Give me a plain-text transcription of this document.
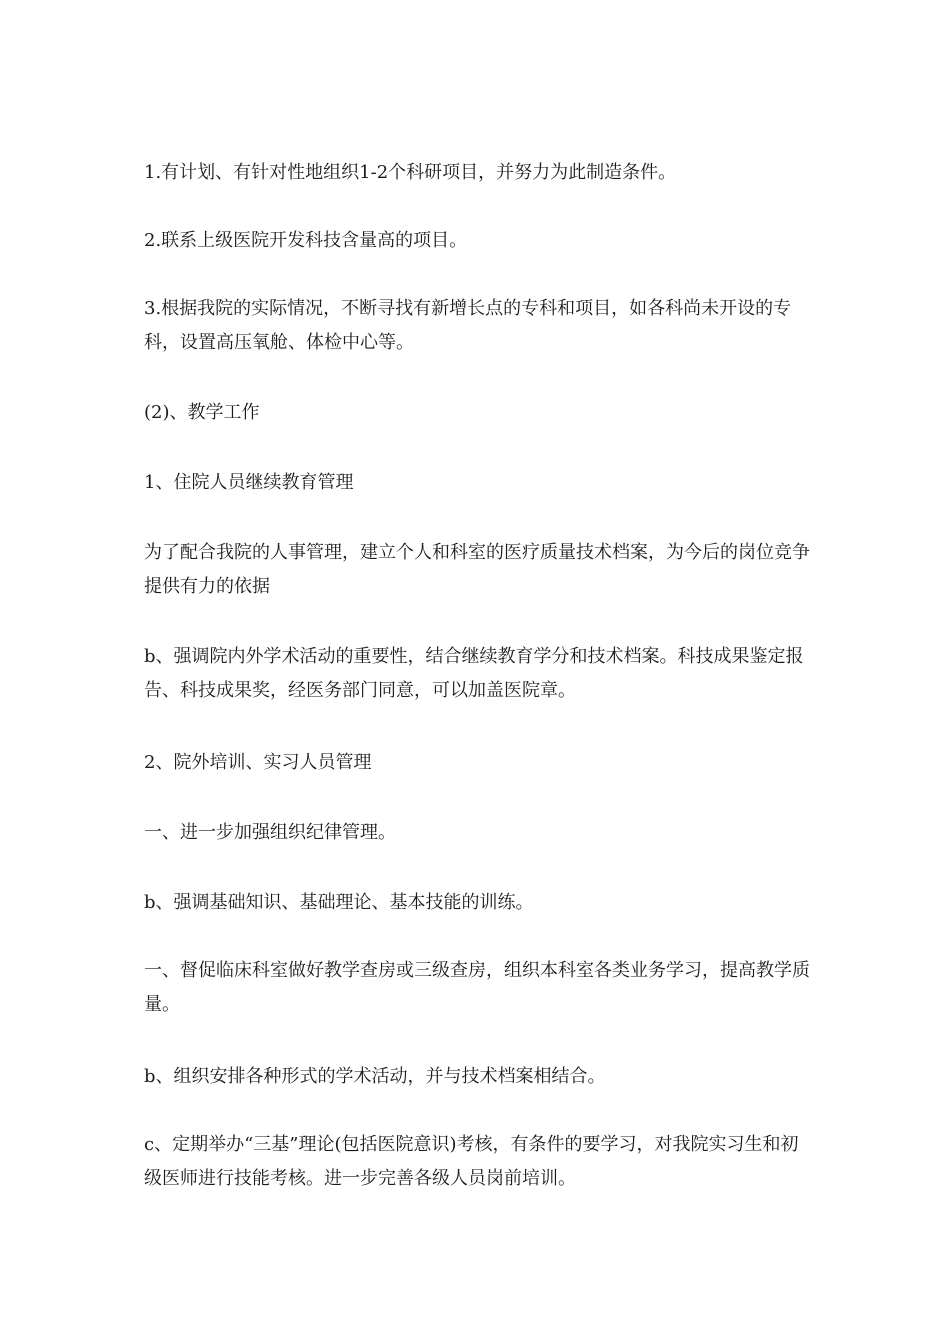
1.有计划、有针对性地组织1-2个科研项目，并努力为此制造条件。

2.联系上级医院开发科技含量高的项目。

3.根据我院的实际情况，不断寻找有新增长点的专科和项目，如各科尚未开设的专科，设置高压氧舱、体检中心等。

(2)、教学工作

1、住院人员继续教育管理

为了配合我院的人事管理，建立个人和科室的医疗质量技术档案，为今后的岗位竞争提供有力的依据

b、强调院内外学术活动的重要性，结合继续教育学分和技术档案。科技成果鉴定报告、科技成果奖，经医务部门同意，可以加盖医院章。

2、院外培训、实习人员管理

一、进一步加强组织纪律管理。

b、强调基础知识、基础理论、基本技能的训练。

一、督促临床科室做好教学查房或三级查房，组织本科室各类业务学习，提高教学质量。

b、组织安排各种形式的学术活动，并与技术档案相结合。

c、定期举办“三基”理论(包括医院意识)考核，有条件的要学习，对我院实习生和初级医师进行技能考核。进一步完善各级人员岗前培训。
